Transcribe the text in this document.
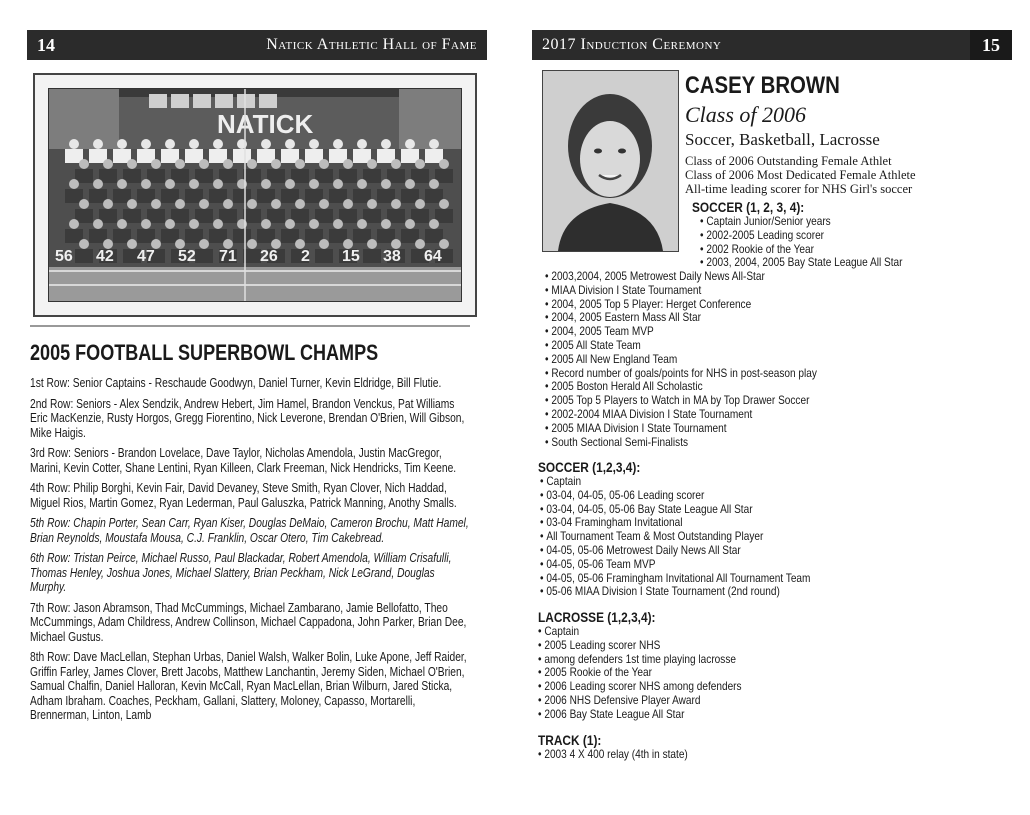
14	Natick Athletic Hall of Fame
NATICK
56 42 47 52 71 26 2 15 38 64
2005 FOOTBALL SUPERBOWL CHAMPS
1st Row: Senior Captains - Reschaude Goodwyn, Daniel Turner, Kevin Eldridge, Bill Flutie.
2nd Row: Seniors - Alex Sendzik, Andrew Hebert, Jim Hamel, Brandon Venckus, Pat Williams Eric MacKenzie, Rusty Horgos, Gregg Fiorentino, Nick Leverone, Brendan O'Brien, Will Gibson, Mike Haigis.
3rd Row: Seniors - Brandon Lovelace, Dave Taylor, Nicholas Amendola, Justin MacGregor, Marini, Kevin Cotter, Shane Lentini, Ryan Killeen, Clark Freeman, Nick Hendricks, Tim Keene.
4th Row: Philip Borghi, Kevin Fair, David Devaney, Steve Smith, Ryan Clover, Nich Haddad, Miguel Rios, Martin Gomez, Ryan Lederman, Paul Galuszka, Patrick Manning, Anothy Smalls.
5th Row: Chapin Porter, Sean Carr, Ryan Kiser, Douglas DeMaio, Cameron Brochu, Matt Hamel, Brian Reynolds, Moustafa Mousa, C.J. Franklin, Oscar Otero, Tim Cakebread.
6th Row: Tristan Peirce, Michael Russo, Paul Blackadar, Robert Amendola, William Crisafulli, Thomas Henley, Joshua Jones, Michael Slattery, Brian Peckham, Nick LeGrand, Douglas Murphy.
7th Row: Jason Abramson, Thad McCummings, Michael Zambarano, Jamie Bellofatto, Theo McCummings, Adam Childress, Andrew Collinson, Michael Cappadona, John Parker, Brian Dee, Michael Gustus.
8th Row: Dave MacLellan, Stephan Urbas, Daniel Walsh, Walker Bolin, Luke Apone, Jeff Raider, Griffin Farley, James Clover, Brett Jacobs, Matthew Lanchantin, Jeremy Siden, Michael O'Brien, Samual Chalfin, Daniel Halloran, Kevin McCall, Ryan MacLellan, Brian Wilburn, Jared Sticka, Adham Ibraham. Coaches, Peckham, Gallani, Slattery, Moloney, Capasso, Mortarelli, Brennerman, Linton, Lamb
2017 Induction Ceremony	15
CASEY BROWN
Class of 2006
Soccer, Basketball, Lacrosse
Class of 2006 Outstanding Female Athlet
Class of 2006 Most Dedicated Female Athlete
All-time leading scorer for NHS Girl's soccer
SOCCER (1, 2, 3, 4):
• Captain Junior/Senior years
• 2002-2005 Leading scorer
• 2002 Rookie of the Year
• 2003, 2004, 2005 Bay State League All Star
• 2003,2004, 2005 Metrowest Daily News All-Star
• MIAA Division I State Tournament
• 2004, 2005 Top 5 Player: Herget Conference
• 2004, 2005 Eastern Mass All Star
• 2004, 2005 Team MVP
• 2005 All State Team
• 2005 All New England Team
• Record number of goals/points for NHS in post-season play
• 2005 Boston Herald All Scholastic
• 2005 Top 5 Players to Watch in MA by Top Drawer Soccer
• 2002-2004 MIAA Division I State Tournament
• 2005 MIAA Division I State Tournament
• South Sectional Semi-Finalists
SOCCER (1,2,3,4):
• Captain
• 03-04, 04-05, 05-06 Leading scorer
• 03-04, 04-05, 05-06 Bay State League All Star
• 03-04 Framingham Invitational
• All Tournament Team & Most Outstanding Player
• 04-05, 05-06 Metrowest Daily News All Star
• 04-05, 05-06 Team MVP
• 04-05, 05-06 Framingham Invitational All Tournament Team
• 05-06 MIAA Division I State Tournament (2nd round)
LACROSSE (1,2,3,4):
• Captain
• 2005 Leading scorer NHS
• among defenders 1st time playing lacrosse
• 2005 Rookie of the Year
• 2006 Leading scorer NHS among defenders
• 2006 NHS Defensive Player Award
• 2006 Bay State League All Star
TRACK (1):
• 2003 4 X 400 relay (4th in state)
